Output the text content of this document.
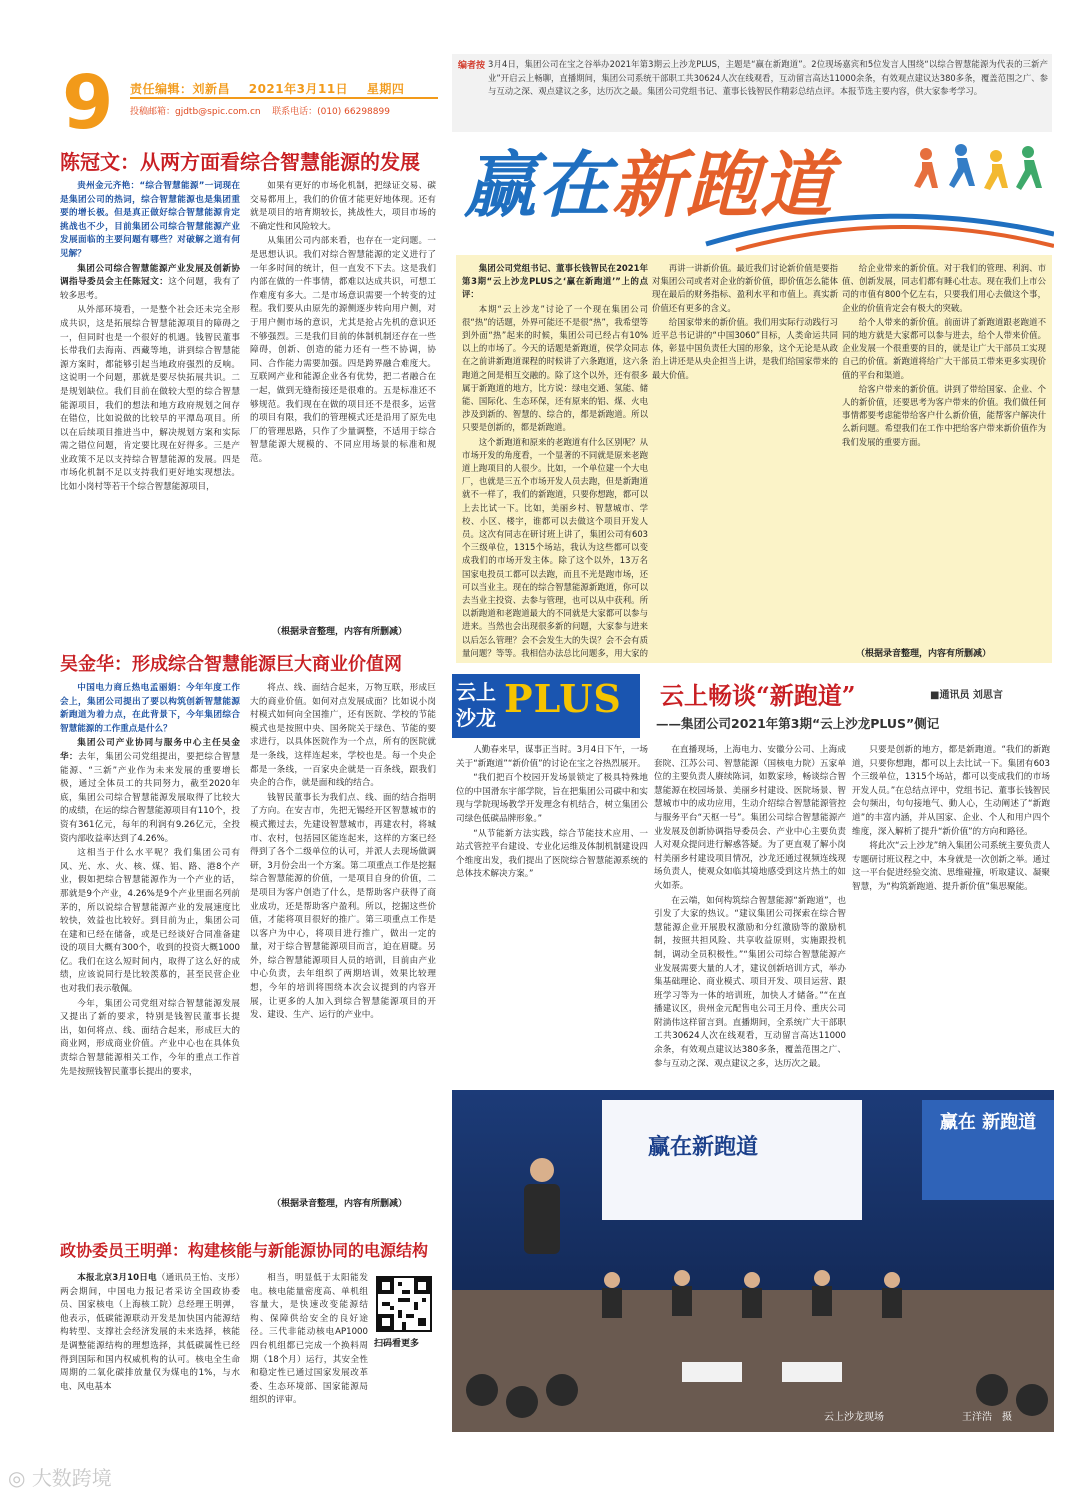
9 责任编辑：刘新昌 2021年3月11日 星期四
投稿邮箱：gjdtb@spic.com.cn 联系电话：(010) 66298899
编者按 3月4日，集团公司在宝之谷举办2021年第3期云上沙龙PLUS，主题是“赢在新跑道”。2位现场嘉宾和5位发言人围绕“以综合智慧能源为代表的三新产业”开启云上畅聊，直播期间，集团公司系统干部职工共30624人次在线观看，互动留言高达11000余条，有效观点建议达380多条，覆盖范围之广、参与互动之深、观点建议之多，达历次之最。集团公司党组书记、董事长钱智民作精彩总结点评。本报节选主要内容，供大家参考学习。
赢在新跑道
陈冠文：从两方面看综合智慧能源的发展

贵州金元齐艳：“综合智慧能源”一词现在是集团公司的热词，综合智慧能源也是集团重要的增长极。但是真正做好综合智慧能源肯定挑战也不少，目前集团公司综合智慧能源产业发展面临的主要问题有哪些？对破解之道有何见解？

集团公司综合智慧能源产业发展及创新协调指导委员会主任陈冠文：这个问题，我有了较多思考。

从外部环境看，一是整个社会还未完全形成共识，这是拓展综合智慧能源项目的障碍之一，但同时也是一个很好的机遇。钱智民董事长带我们去海南、西藏等地，讲到综合智慧能源方案时，都能够引起当地政府强烈的反响。这说明一个问题，那就是要尽快拓展共识。二是规划缺位。我们目前在做较大型的综合智慧能源项目，我们的想法和地方政府规划之间存在错位，比如说做的比较早的平潭岛项目。所以在后续项目推进当中，解决规划方案和实际需之错位问题，肯定要比现在好得多。三是产业政策不足以支持综合智慧能源的发展。四是市场化机制不足以支持我们更好地实现想法。比如小岗村等若干个综合智慧能源项目，

如果有更好的市场化机制，把绿证交易、碳交易都用上，我们的价值才能更好地体现。还有就是项目的培育期较长，挑战性大，项目市场的不确定性和风险较大。

从集团公司内部来看，也存在一定问题。一是思想认识。我们对综合智慧能源的定义进行了一年多时间的统计，但一直发不下去。这是我们内部在做的一件事情，都难以达成共识，可想工作难度有多大。二是市场意识需要一个转变的过程。我们要从由原先的源侧逐步转向用户侧，对于用户侧市场的意识，尤其是抢占先机的意识还不够强烈。三是我们目前的体制机制还存在一些障碍，创新、创造的能力还有一些不协调，协同、合作能力需要加强。四是跨界融合难度大。互联网产业和能源企业各有优势，把二者融合在一起，做到无缝衔接还是很难的。五是标准还不够规范。我们现在在做的项目还不是很多，运营的项目有限，我们的管理模式还是沿用了原先电厂的管理思路，只作了少量调整，不适用于综合智慧能源大规模的、不同应用场景的标准和规范。

（根据录音整理，内容有所删减）
吴金华：形成综合智慧能源巨大商业价值网

中国电力商丘热电孟丽娟：今年年度工作会上，集团公司提出了要以构筑创新智慧能源新跑道为着力点，在此背景下，今年集团综合智慧能源的工作重点是什么？

集团公司产业协同与服务中心主任吴金华：去年，集团公司党组提出，要把综合智慧能源、“三新”产业作为未来发展的重要增长极，通过全体员工的共同努力，截至2020年底，集团公司综合智慧能源发展取得了比较大的成绩，在运的综合智慧能源项目有110个，投资有361亿元，每年的利润有9.26亿元，全投资内部收益率达到了4.26%。

这相当于什么水平呢？我们集团公司有风、光、水、火、核、煤、铝、路、港8个产业，假如把综合智慧能源作为一个产业的话，那就是9个产业，4.26%是9个产业里面名列前茅的，所以说综合智慧能源产业的发展速度比较快，效益也比较好。到目前为止，集团公司在建和已经在储备，或是已经谈好合同准备建设的项目大概有300个，收到的投资大概1000亿。我们在这么短时间内，取得了这么好的成绩，应该说同行是比较羡慕的，甚至民营企业也对我们表示敬佩。

今年，集团公司党组对综合智慧能源发展又提出了新的要求，特别是钱智民董事长提出，如何将点、线、面结合起来，形成巨大的商业网，形成商业价值。产业中心也在具体负责综合智慧能源相关工作，今年的重点工作首先是按照钱智民董事长提出的要求，

将点、线、面结合起来，万物互联，形成巨大的商业价值。如何对点发展成面？比如说小岗村模式如何向全国推广，还有医院、学校的节能模式也是按照中央、国务院关于绿色、节能的要求进行，以具体医院作为一个点，所有的医院就是一条线，这样连起来，学校也是。每一个央企都是一条线，一百家央企就是一百条线，跟我们央企的合作，就是面和线的结合。

钱智民董事长为我们点、线、面的结合指明了方向。在安吉市，先把无锡经开区智慧城市的模式搬过去，先建设智慧城市，再建农村，将城市、农村，包括园区能连起来，这样的方案已经得到了各个二级单位的认可，并派人去现场做调研，3月份会出一个方案。第二项重点工作是挖掘综合智慧能源的价值，一是项目自身的价值，二是项目为客户创造了什么，是帮助客户获得了商业成功，还是帮助客户盈利。所以，挖掘这些价值，才能将项目很好的推广。第三项重点工作是以客户为中心，将项目进行推广，做出一定的量，对于综合智慧能源项目而言，迫在眉睫。另外，综合智慧能源项目人员的培训，目前由产业中心负责，去年组织了两期培训，效果比较理想，今年的培训将围绕本次会议提到的内容开展，让更多的人加入到综合智慧能源项目的开发、建设、生产、运行的产业中。

（根据录音整理，内容有所删减）
政协委员王明弹：构建核能与新能源协同的电源结构

本报北京3月10日电（通讯员王怡、支彤）两会期间，中国电力报记者采访全国政协委员、国家核电（上海核工院）总经理王明弹，他表示，低碳能源联动开发是加快国内能源结构转型、支撑社会经济发展的未来选择，核能是调整能源结构的理想选择，其低碳属性已经得到国际和国内权威机构的认可。核电全生命周期的二氧化碳排放量仅为煤电的1%，与水电、风电基本

相当，明显低于太阳能发电。核电能量密度高、单机组容量大，是快速改变能源结构、保障供给安全的良好途径。三代非能动核电AP1000四台机组都已完成一个换料周期（18个月）运行，其安全性和稳定性已通过国家发展改革委、生态环境部、国家能源局组织的评审。

扫码看更多

集团公司党组书记、董事长钱智民在2021年第3期“云上沙龙PLUS之‘赢在新跑道’”上的点评：

本期“云上沙龙”讨论了一个现在集团公司很“热”的话题，外界可能还不是很“热”，我希望等到外面“热”起来的时候，集团公司已经占有10%以上的市场了。今天的话题是新跑道，侯学众同志在之前讲新跑道课程的时候讲了六条跑道，这六条跑道之间是相互交融的。除了这个以外，还有很多属于新跑道的地方，比方说：绿电交通、氢能、储能、国际化、生态环保，还有原来的铝、煤、火电涉及到新的、智慧的、综合的，都是新跑道。所以只要是创新的，都是新跑道。

这个新跑道和原来的老跑道有什么区别呢？从市场开发的角度看，一个显著的不同就是原来老跑道上跑项目的人很少。比如，一个单位建一个大电厂，也就是三五个市场开发人员去跑，但是新跑道就不一样了，我们的新跑道，只要你想跑，都可以上去比试一下。比如，美丽乡村、智慧城市、学校、小区、楼宇，谁都可以去做这个项目开发人员。这次有同志在研讨班上讲了，集团公司有603个三级单位，1315个场站，我认为这些都可以变成我们的市场开发主体。除了这个以外，13万名国家电投员工都可以去跑，而且不光是跑市场，还可以当业主。现在的综合智慧能源新跑道，你可以去当业主投资、去参与管理，也可以从中获利。所以新跑道和老跑道最大的不同就是大家都可以参与进来。当然也会出现很多新的问题，大家参与进来以后怎么管理？会不会发生大的失误？会不会有质量问题？等等。我相信办法总比问题多，用大家的

再讲一讲新价值。最近我们讨论新价值是要指对集团公司或者对企业的新价值，即价值怎么能体现在最后的财务指标、盈利水平和市值上。真实新价值还有更多的含义。

给国家带来的新价值。我们用实际行动践行习近平总书记讲的“中国3060”目标，人类命运共同体，彰显中国负责任大国的形象，这个无论是从政治上讲还是从央企担当上讲，是我们给国家带来的最大价值。

给企业带来的新价值。对于我们的管理、利润、市值、创新发展，同志们都有睡心壮志。现在我们上市公司的市值有800个亿左右，只要我们用心去做这个事，企业的价值肯定会有极大的突破。

给个人带来的新价值。前面讲了新跑道跟老跑道不同的地方就是大家都可以参与进去，给个人带来价值。企业发展一个很重要的目的，就是让广大干部员工实现自己的价值。新跑道将给广大干部员工带来更多实现价值的平台和渠道。

给客户带来的新价值。讲到了带给国家、企业、个人的新价值，还要思考为客户带来的价值。我们做任何事情都要考虑能带给客户什么新价值，能帮客户解决什么新问题。希望我们在工作中把给客户带来新价值作为我们发展的重要方面。

（根据录音整理，内容有所删减）
云上
沙龙 PLUS 云上畅谈“新跑道”	■通讯员 刘思言
——集团公司2021年第3期“云上沙龙PLUS”侧记

人勤春来早，谋事正当时。3月4日下午，一场关于“新跑道”“新价值”的讨论在宝之谷热烈展开。

“我们把百个校园开发场景锁定了极具特殊地位的中国滑东宇部学院，旨在把集团公司碳中和实现与学院现场教学开发理念有机结合，树立集团公司绿色低碳品牌形象。”

“从节能新方法实践，综合节能技术应用、一站式管控平台建设、专业化运维及体制机制建设四个维度出发，我们提出了医院综合智慧能源系统的总体技术解决方案。”

在直播现场，上海电力、安徽分公司、上海成套院、江苏公司、智慧能源（国核电力院）五家单位的主要负责人赓续陈词，如数家珍，畅谈综合智慧能源在校园场景、美丽乡村建设、医院场景、智慧城市中的成功应用，生动介绍综合智慧能源管控与服务平台“天枢一号”。集团公司综合智慧能源产业发展及创新协调指导委员会、产业中心主要负责人对观众提问进行解惑答疑。为了更直观了解小岗村美丽乡村建设项目情况，沙龙还通过视频连线现场负责人，使观众如临其境地感受到这片热土的如火如荼。

在云端，如何构筑综合智慧能源“新跑道”，也引发了大家的热议。“建议集团公司探索在综合智慧能源企业开展股权激励和分红激励等的激励机制，按照共担风险、共享收益原则，实施跟投机制，调动全员积极性。”“集团公司综合智慧能源产业发展需要大量的人才，建议创新培训方式，举办集基础理论、商业模式、项目开发、项目运营、跟班学习等为一体的培训班，加快人才储备。”“在直播建议区，贵州金元配售电公司王月伶、重庆公司附淌伟这样留言到。直播期间，全系统广大干部职工共30624人次在线观看，互动留言高达11000余条，有效观点建议达380多条，覆盖范围之广、参与互动之深、观点建议之多，达历次之最。

只要是创新的地方，都是新跑道。“我们的新跑道，只要你想跑，都可以上去比试一下。集团有603个三级单位，1315个场站，都可以变成我们的市场开发人员。”在总结点评中，党组书记、董事长钱智民会句频出，句句接地气、動人心，生动阐述了“新跑道”的丰富内涵，并从国家、企业、个人和用户四个维度，深入解析了提升“新价值”的方向和路径。

将此次“云上沙龙”纳入集团公司系统主要负责人专题研讨班议程之中，本身就是一次创新之举。通过这一平台促进经验交流、思维碰撞，听取建议、凝聚智慧，为“构筑新跑道、提升新价值”集思聚能。

赢在新跑道
赢在 新跑道
云上沙龙现场	王洋浩　摄
◎ 大数跨境
